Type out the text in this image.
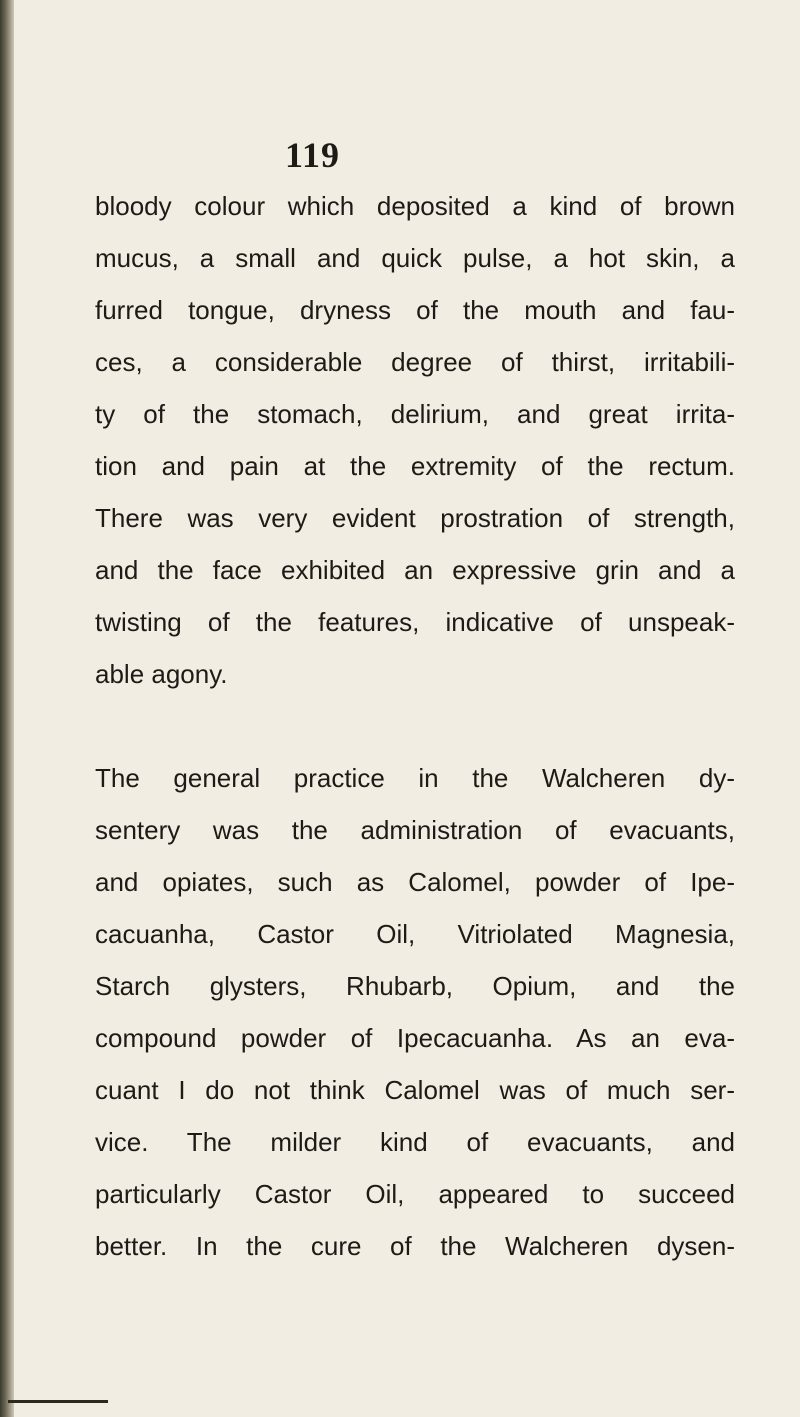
119
bloody colour which deposited a kind of brown
mucus, a small and quick pulse, a hot skin, a
furred tongue, dryness of the mouth and fau-
ces, a considerable degree of thirst, irritabili-
ty of the stomach, delirium, and great irrita-
tion and pain at the extremity of the rectum.
There was very evident prostration of strength,
and the face exhibited an expressive grin and a
twisting of the features, indicative of unspeak-
able agony.
The general practice in the Walcheren dy-
sentery was the administration of evacuants,
and opiates, such as Calomel, powder of Ipe-
cacuanha, Castor Oil, Vitriolated Magnesia,
Starch glysters, Rhubarb, Opium, and the
compound powder of Ipecacuanha. As an eva-
cuant I do not think Calomel was of much ser-
vice. The milder kind of evacuants, and
particularly Castor Oil, appeared to succeed
better. In the cure of the Walcheren dysen-
